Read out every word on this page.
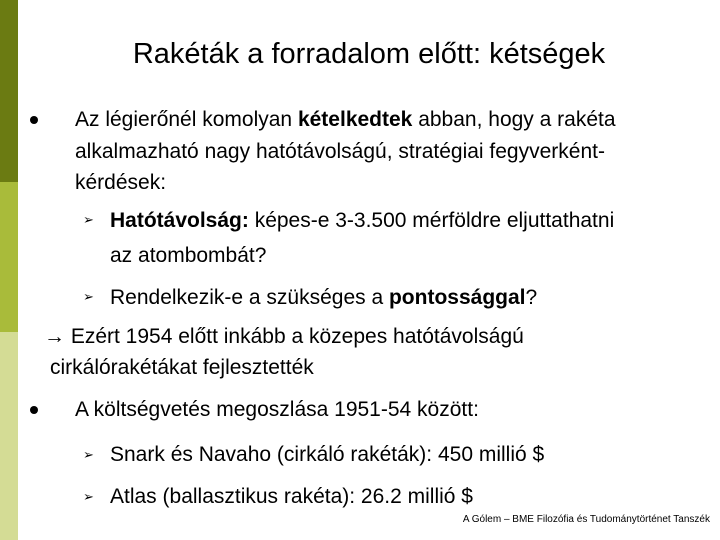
Rakéták a forradalom előtt: kétségek
Az légierőnél komolyan kételkedtek abban, hogy a rakéta
alkalmazható nagy hatótávolságú, stratégiai fegyverként-
kérdések:
➢ Hatótávolság: képes-e 3-3.500 mérföldre eljuttathatni
az atombombát?
➢ Rendelkezik-e a szükséges a pontossággal?
→ Ezért 1954 előtt inkább a közepes hatótávolságú
cirkálórakétákat fejlesztették
A költségvetés megoszlása 1951-54 között:
➢ Snark és Navaho (cirkáló rakéták): 450 millió $
➢ Atlas (ballasztikus rakéta): 26.2 millió $
A Gólem – BME Filozófia és Tudománytörténet Tanszék
